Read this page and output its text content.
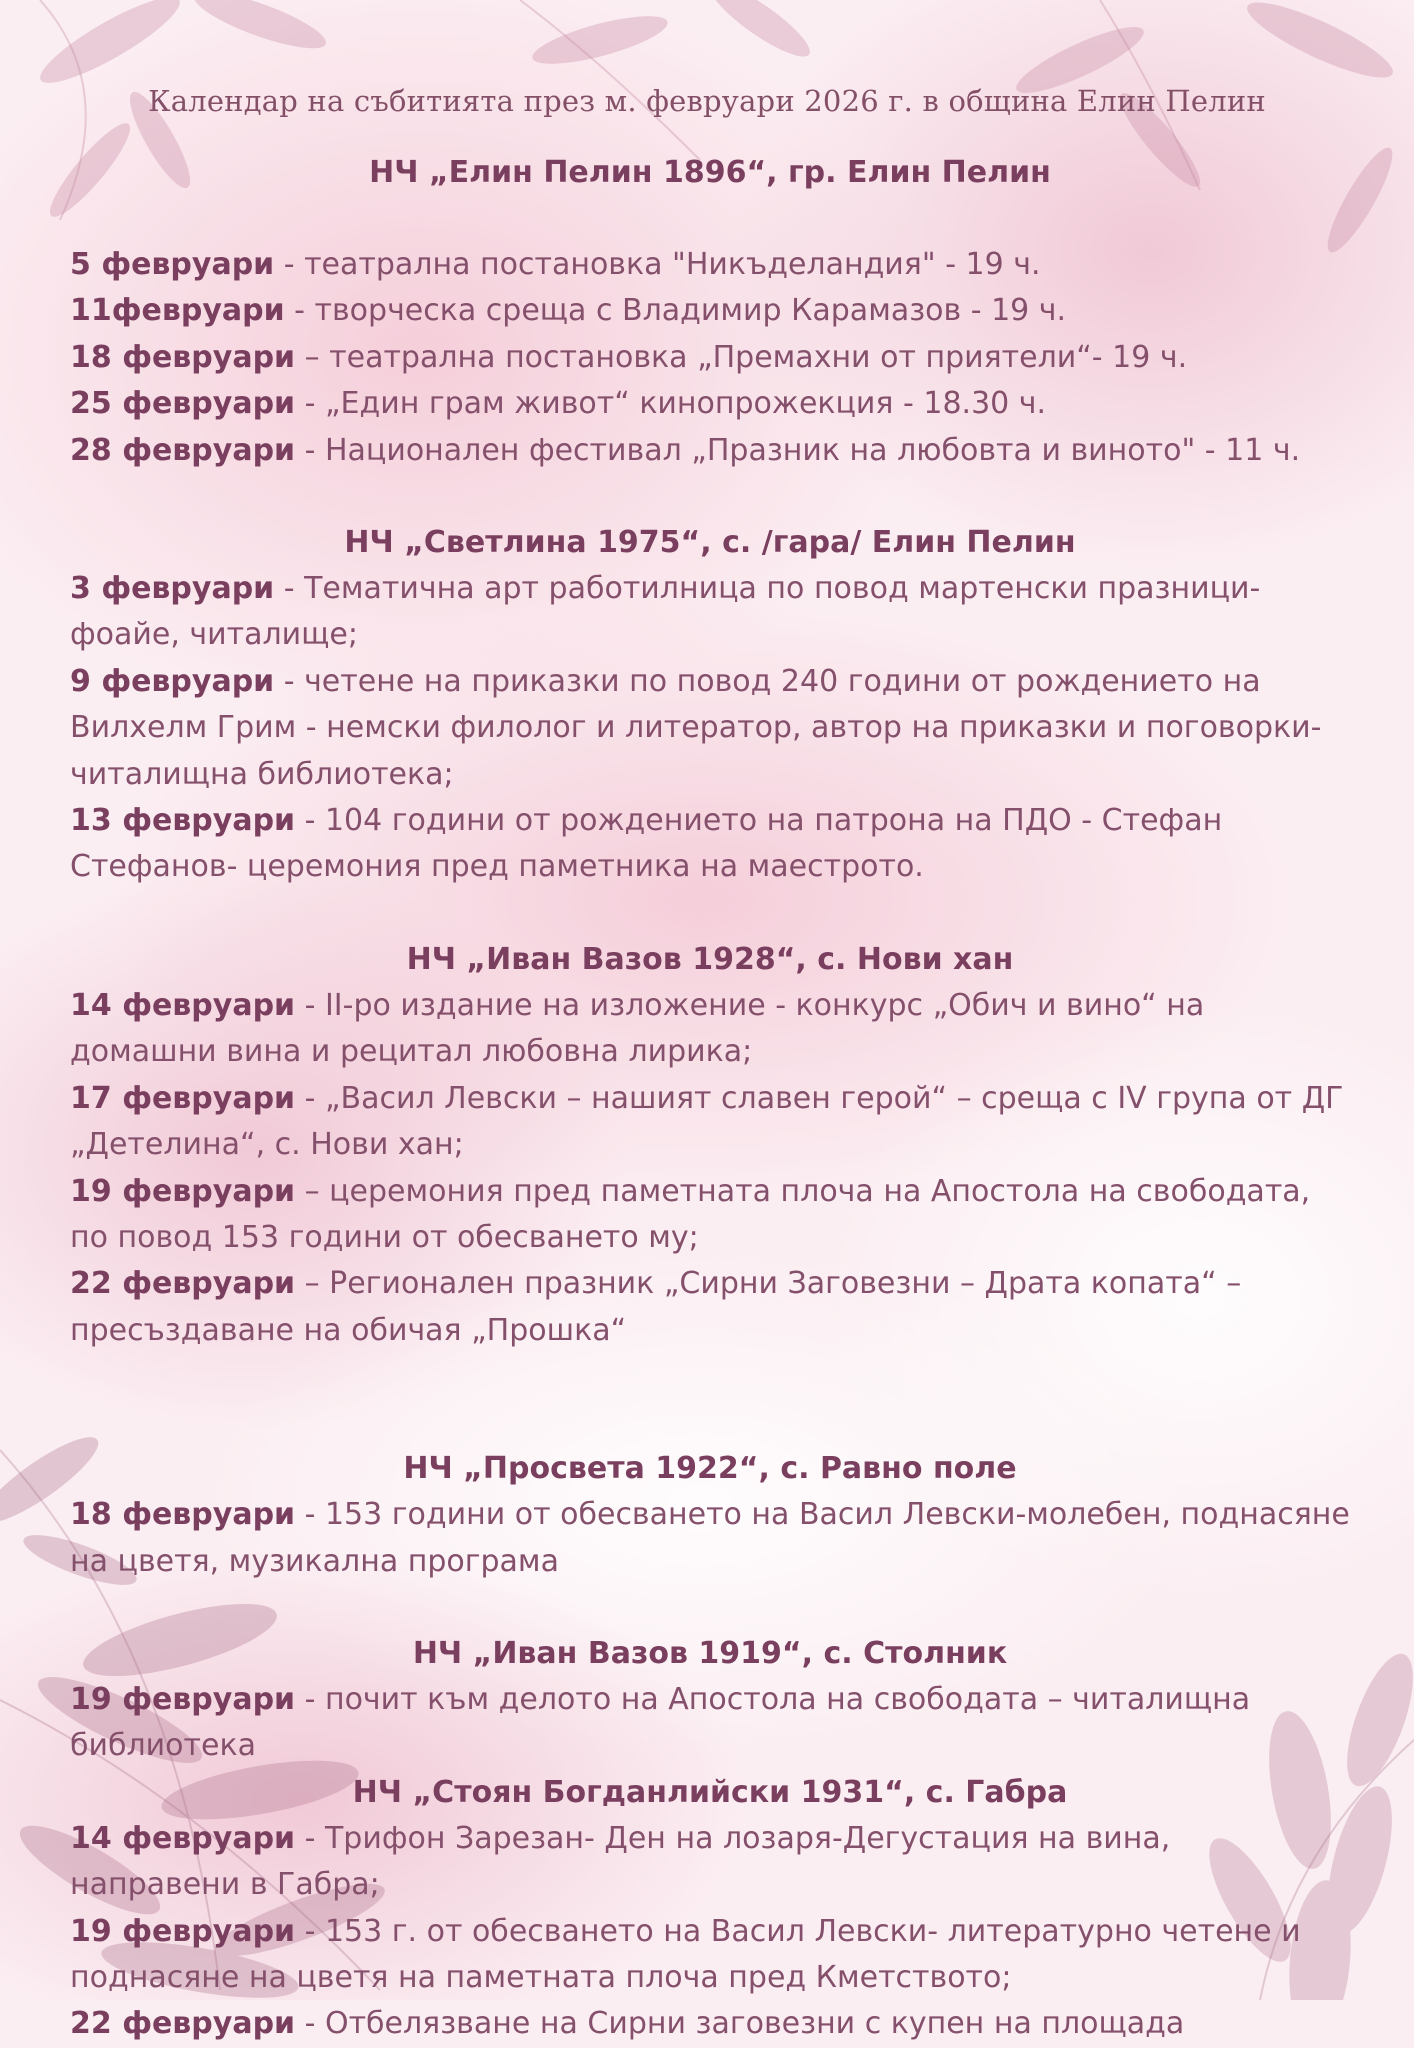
Календар на събитията през м. февруари 2026 г. в община Елин Пелин

НЧ „Елин Пелин 1896“, гр. Елин Пелин

5 февруари - театрална постановка "Никъделандия" - 19 ч.

11февруари - творческа среща с Владимир Карамазов - 19 ч.

18 февруари – театрална постановка „Премахни от приятели“- 19 ч.

25 февруари - „Един грам живот“ кинопрожекция - 18.30 ч.

28 февруари - Национален фестивал „Празник на любовта и виното" - 11 ч.

НЧ „Светлина 1975“, с. /гара/ Елин Пелин

3 февруари - Тематична арт работилница по повод мартенски празници- фоайе, читалище;

9 февруари - четене на приказки по повод 240 години от рождението на Вилхелм Грим - немски филолог и литератор, автор на приказки и поговорки-читалищна библиотека;

13 февруари - 104 години от рождението на патрона на ПДО - Стефан Стефанов- церемония пред паметника на маестрото.

НЧ „Иван Вазов 1928“, с. Нови хан

14 февруари - II-ро издание на изложение - конкурс „Обич и вино“ на домашни вина и рецитал любовна лирика;

17 февруари - „Васил Левски – нашият славен герой“ – среща с IV група от ДГ „Детелина“, с. Нови хан;

19 февруари – церемония пред паметната плоча на Апостола на свободата, по повод 153 години от обесването му;

22 февруари – Регионален празник „Сирни Заговезни – Драта копата“ – пресъздаване на обичая „Прошка“

НЧ „Просвета 1922“, с. Равно поле

18 февруари - 153 години от обесването на Васил Левски-молебен, поднасяне на цветя, музикална програма

НЧ „Иван Вазов 1919“, с. Столник

19 февруари - почит към делото на Апостола на свободата – читалищна библиотека

НЧ „Стоян Богданлийски 1931“, с. Габра

14 февруари - Трифон Зарезан- Ден на лозаря-Дегустация на вина, направени в Габра;

19 февруари - 153 г. от обесването на Васил Левски- литературно четене и поднасяне на цветя на паметната плоча пред Кметството;

22 февруари - Отбелязване на Сирни заговезни с купен на площада
